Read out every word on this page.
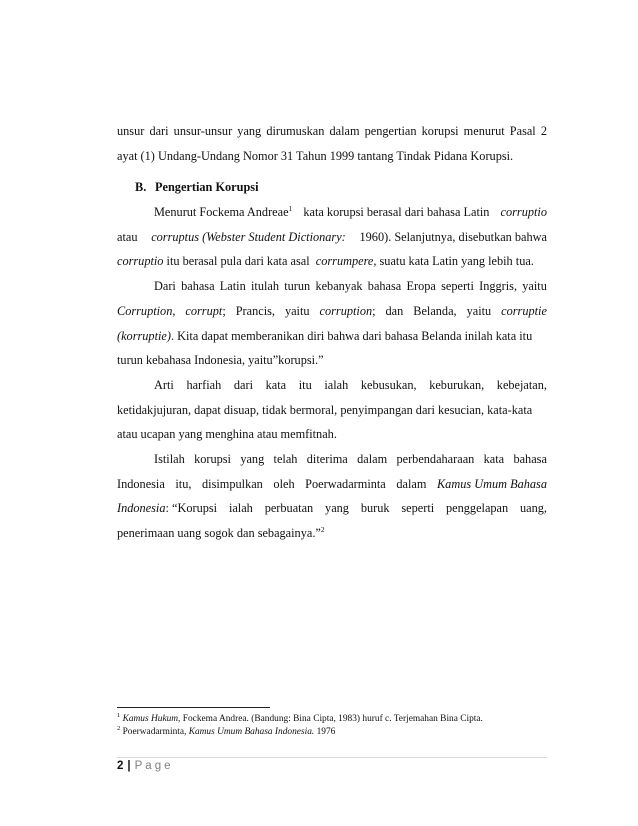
unsur dari unsur-unsur yang dirumuskan dalam pengertian korupsi menurut Pasal 2
ayat (1) Undang-Undang Nomor 31 Tahun 1999 tantang Tindak Pidana Korupsi.
B. Pengertian Korupsi
Menurut Fockema Andreae$^1$ kata korupsi berasal dari bahasa Latin corruptio
atau corruptus (Webster Student Dictionary: 1960). Selanjutnya, disebutkan bahwa
corruptio itu berasal pula dari kata asal corrumpere, suatu kata Latin yang lebih tua.
Dari bahasa Latin itulah turun kebanyak bahasa Eropa seperti Inggris, yaitu
Corruption, corrupt; Prancis, yaitu corruption; dan Belanda, yaitu corruptie
(korruptie). Kita dapat memberanikan diri bahwa dari bahasa Belanda inilah kata itu
turun kebahasa Indonesia, yaitu”korupsi.”
Arti harfiah dari kata itu ialah kebusukan, keburukan, kebejatan,
ketidakjujuran, dapat disuap, tidak bermoral, penyimpangan dari kesucian, kata-kata
atau ucapan yang menghina atau memfitnah.
Istilah korupsi yang telah diterima dalam perbendaharaan kata bahasa
Indonesia itu, disimpulkan oleh Poerwadarminta dalam Kamus Umum Bahasa
Indonesia: “Korupsi ialah perbuatan yang buruk seperti penggelapan uang,
penerimaan uang sogok dan sebagainya.”$^2$
$^1$ Kamus Hukum, Fockema Andrea. (Bandung: Bina Cipta, 1983) huruf c. Terjemahan Bina Cipta.
$^2$ Poerwadarminta, Kamus Umum Bahasa Indonesia. 1976
2 | Page
